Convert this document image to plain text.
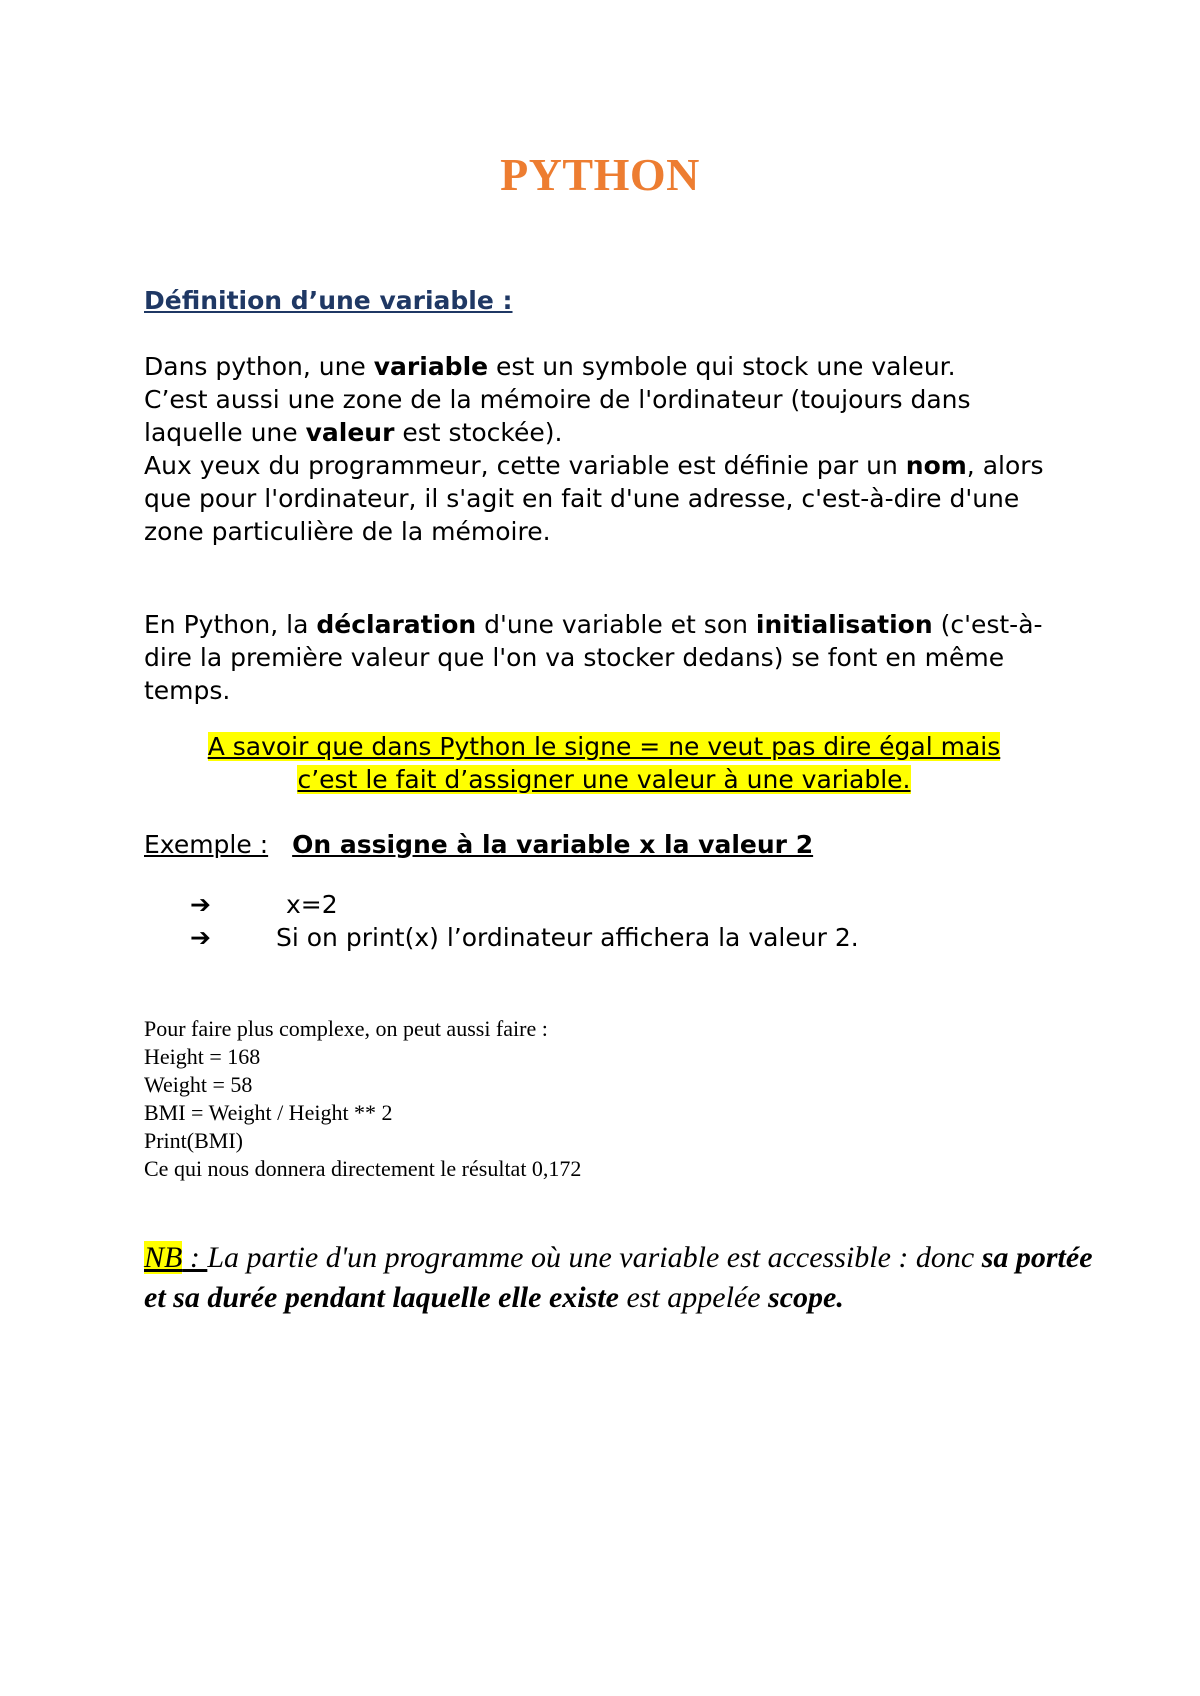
PYTHON
Définition d’une variable :
Dans python, une variable est un symbole qui stock une valeur.
C’est aussi une zone de la mémoire de l'ordinateur (toujours dans laquelle une valeur est stockée).
Aux yeux du programmeur, cette variable est définie par un nom, alors que pour l'ordinateur, il s'agit en fait d'une adresse, c'est-à-dire d'une zone particulière de la mémoire.
En Python, la déclaration d'une variable et son initialisation (c'est-à-dire la première valeur que l'on va stocker dedans) se font en même temps.
A savoir que dans Python le signe = ne veut pas dire égal mais
c’est le fait d’assigner une valeur à une variable.
Exemple : On assigne à la variable x la valeur 2
➔	x=2
➔	Si on print(x) l’ordinateur affichera la valeur 2.
Pour faire plus complexe, on peut aussi faire :
Height = 168
Weight = 58
BMI = Weight / Height ** 2
Print(BMI)
Ce qui nous donnera directement le résultat 0,172
NB : La partie d'un programme où une variable est accessible : donc sa portée et sa durée pendant laquelle elle existe est appelée scope.
